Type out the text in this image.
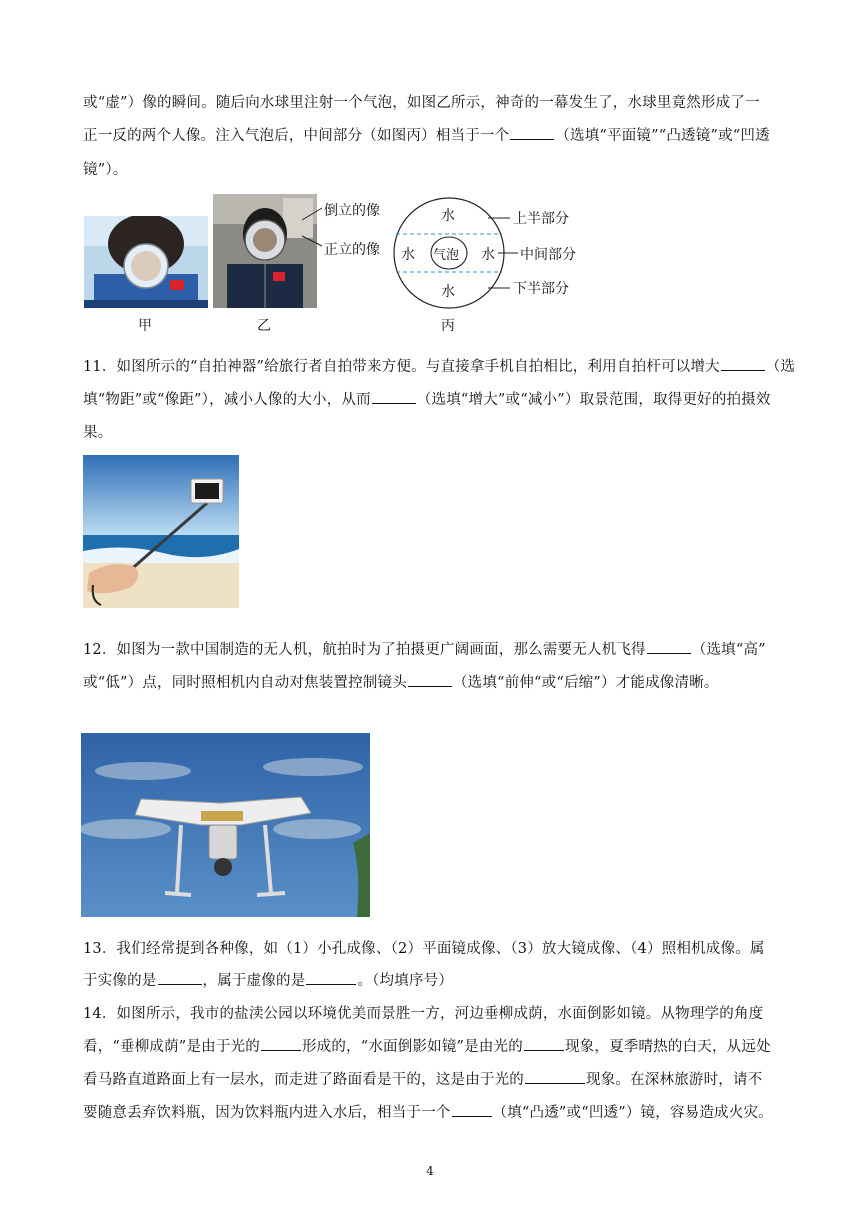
或“虚”）像的瞬间。随后向水球里注射一个气泡，如图乙所示，神奇的一幕发生了，水球里竟然形成了一
正一反的两个人像。注入气泡后，中间部分（如图丙）相当于一个	（选填“平面镜”“凸透镜”或“凹透
镜”）。
甲	乙
倒立的像
正立的像
水
水 气泡 水
水
上半部分
中间部分
下半部分
丙
11．如图所示的“自拍神器”给旅行者自拍带来方便。与直接拿手机自拍相比，利用自拍杆可以增大	（选
填“物距”或“像距”），减小人像的大小，从而	（选填“增大”或“减小”）取景范围，取得更好的拍摄效
果。
12．如图为一款中国制造的无人机，航拍时为了拍摄更广阔画面，那么需要无人机飞得	（选填“高”
或“低”）点，同时照相机内自动对焦装置控制镜头	（选填“前伸“或“后缩”）才能成像清晰。
13．我们经常提到各种像，如（1）小孔成像、（2）平面镜成像、（3）放大镜成像、（4）照相机成像。属
于实像的是	，属于虚像的是	。（均填序号）
14．如图所示，我市的盐渎公园以环境优美而景胜一方，河边垂柳成荫，水面倒影如镜。从物理学的角度
看，“垂柳成荫”是由于光的	形成的，“水面倒影如镜”是由光的	现象，夏季晴热的白天，从远处
看马路直道路面上有一层水，而走进了路面看是干的，这是由于光的	现象。在深林旅游时，请不
要随意丢弃饮料瓶，因为饮料瓶内进入水后，相当于一个	（填“凸透”或“凹透”）镜，容易造成火灾。
4
